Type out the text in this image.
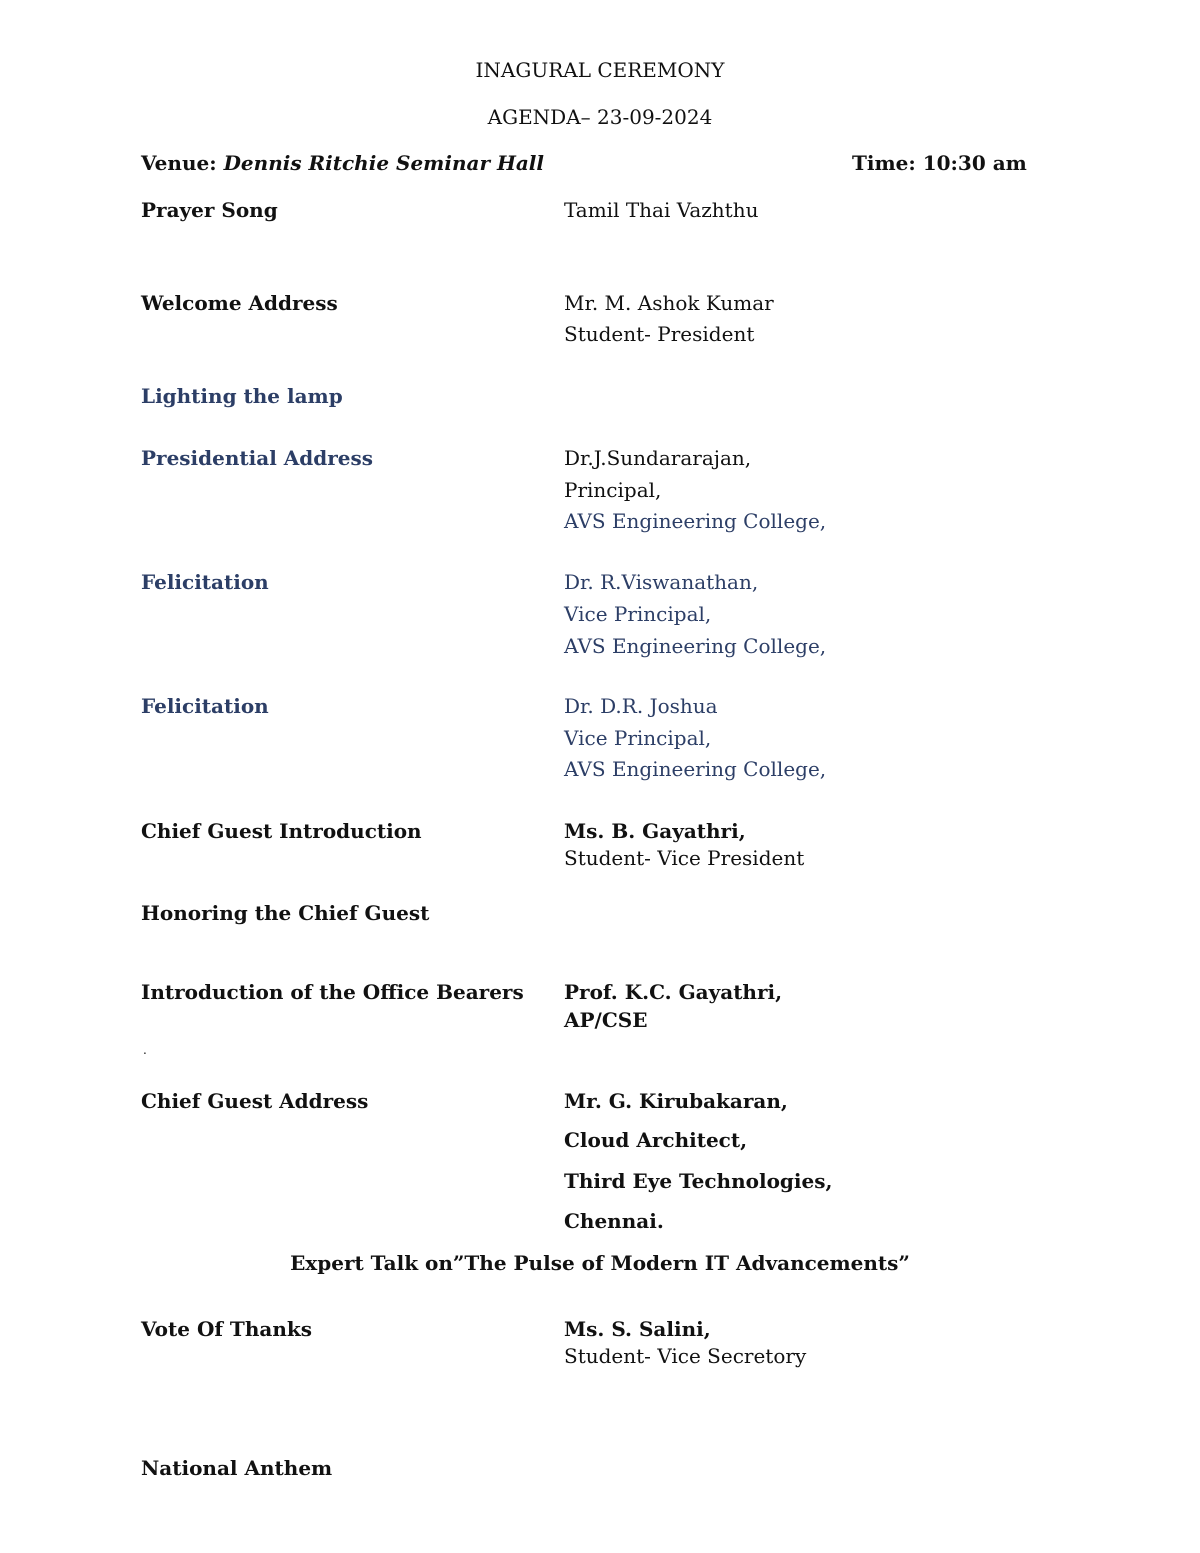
INAGURAL CEREMONY
AGENDA– 23-09-2024
Venue: Dennis Ritchie Seminar Hall	Time: 10:30 am
Prayer Song	Tamil Thai Vazhthu
Welcome Address	Mr. M. Ashok Kumar
Student- President
Lighting the lamp
Presidential Address	Dr.J.Sundararajan,
Principal,
AVS Engineering College,
Felicitation	Dr. R.Viswanathan,
Vice Principal,
AVS Engineering College,
Felicitation	Dr. D.R. Joshua
Vice Principal,
AVS Engineering College,
Chief Guest Introduction	Ms. B. Gayathri,
Student- Vice President
Honoring the Chief Guest
Introduction of the Office Bearers Prof. K.C. Gayathri,
AP/CSE
.
Chief Guest Address	Mr. G. Kirubakaran,
Cloud Architect,
Third Eye Technologies,
Chennai.
Expert Talk on”The Pulse of Modern IT Advancements”
Vote Of Thanks	Ms. S. Salini,
Student- Vice Secretory
National Anthem
